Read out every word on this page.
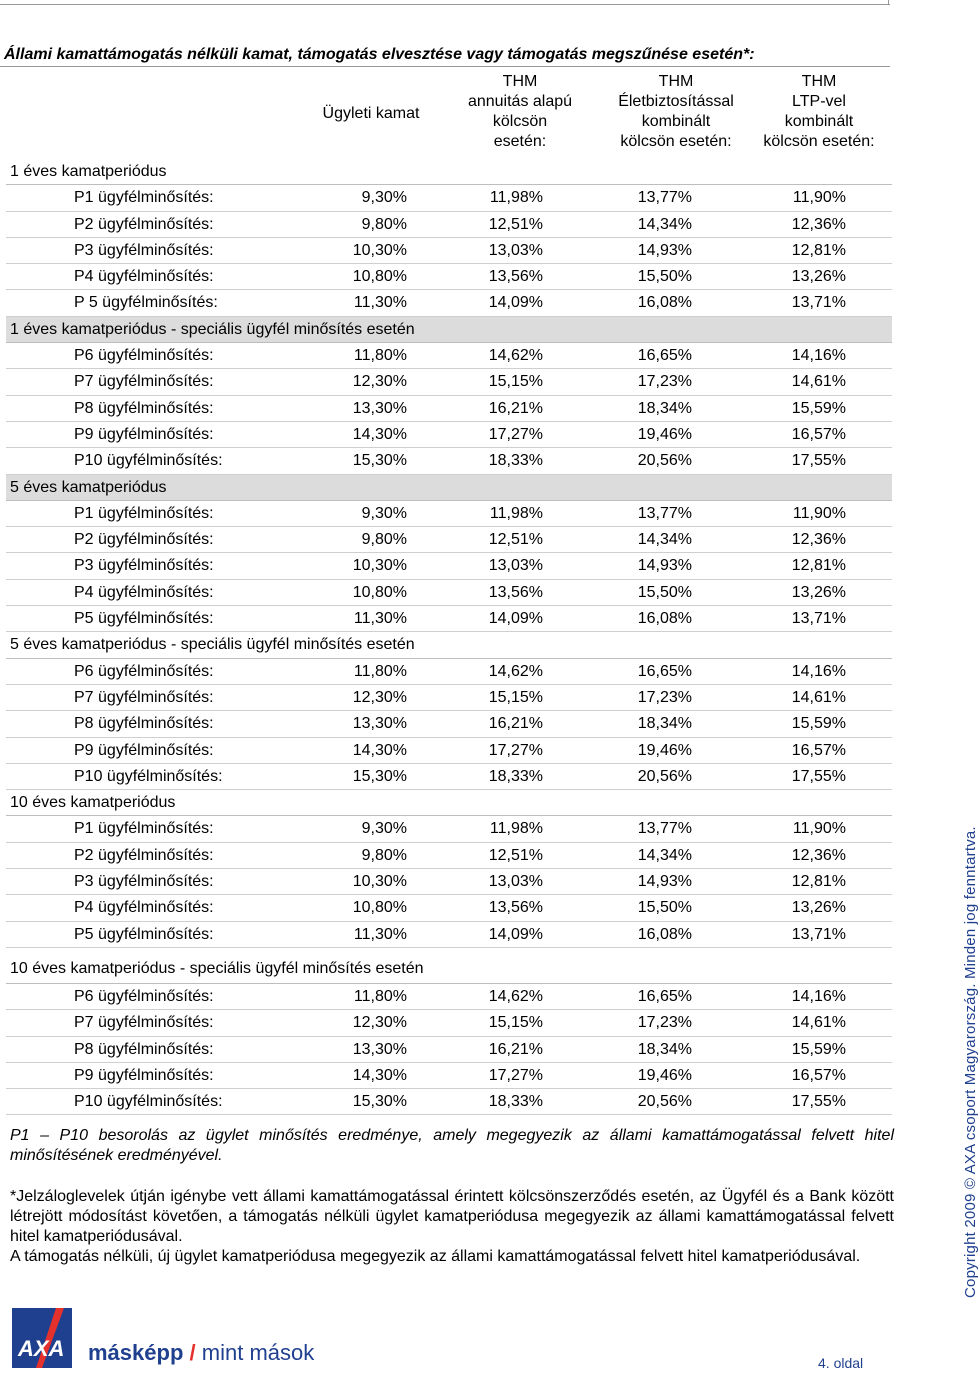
Állami kamattámogatás nélküli kamat, támogatás elvesztése vagy támogatás megszűnése esetén*:
Ügyleti kamat
THM
annuitás alapú
kölcsön
esetén:
THM
Életbiztosítással
kombinált
kölcsön esetén:
THM
LTP-vel
kombinált
kölcsön esetén:
1 éves kamatperiódus
P1 ügyfélminősítés:	9,30%	11,98%	13,77%	11,90%
P2 ügyfélminősítés:	9,80%	12,51%	14,34%	12,36%
P3 ügyfélminősítés:	10,30%	13,03%	14,93%	12,81%
P4 ügyfélminősítés:	10,80%	13,56%	15,50%	13,26%
P 5 ügyfélminősítés:	11,30%	14,09%	16,08%	13,71%
1 éves kamatperiódus - speciális ügyfél minősítés esetén
P6 ügyfélminősítés:	11,80%	14,62%	16,65%	14,16%
P7 ügyfélminősítés:	12,30%	15,15%	17,23%	14,61%
P8 ügyfélminősítés:	13,30%	16,21%	18,34%	15,59%
P9 ügyfélminősítés:	14,30%	17,27%	19,46%	16,57%
P10 ügyfélminősítés:	15,30%	18,33%	20,56%	17,55%
5 éves kamatperiódus
P1 ügyfélminősítés:	9,30%	11,98%	13,77%	11,90%
P2 ügyfélminősítés:	9,80%	12,51%	14,34%	12,36%
P3 ügyfélminősítés:	10,30%	13,03%	14,93%	12,81%
P4 ügyfélminősítés:	10,80%	13,56%	15,50%	13,26%
P5 ügyfélminősítés:	11,30%	14,09%	16,08%	13,71%
5 éves kamatperiódus - speciális ügyfél minősítés esetén
P6 ügyfélminősítés:	11,80%	14,62%	16,65%	14,16%
P7 ügyfélminősítés:	12,30%	15,15%	17,23%	14,61%
P8 ügyfélminősítés:	13,30%	16,21%	18,34%	15,59%
P9 ügyfélminősítés:	14,30%	17,27%	19,46%	16,57%
P10 ügyfélminősítés:	15,30%	18,33%	20,56%	17,55%
10 éves kamatperiódus
P1 ügyfélminősítés:	9,30%	11,98%	13,77%	11,90%
P2 ügyfélminősítés:	9,80%	12,51%	14,34%	12,36%
P3 ügyfélminősítés:	10,30%	13,03%	14,93%	12,81%
P4 ügyfélminősítés:	10,80%	13,56%	15,50%	13,26%
P5 ügyfélminősítés:	11,30%	14,09%	16,08%	13,71%
10 éves kamatperiódus - speciális ügyfél minősítés esetén
P6 ügyfélminősítés:	11,80%	14,62%	16,65%	14,16%
P7 ügyfélminősítés:	12,30%	15,15%	17,23%	14,61%
P8 ügyfélminősítés:	13,30%	16,21%	18,34%	15,59%
P9 ügyfélminősítés:	14,30%	17,27%	19,46%	16,57%
P10 ügyfélminősítés:	15,30%	18,33%	20,56%	17,55%
P1 – P10 besorolás az ügylet minősítés eredménye, amely megegyezik az állami kamattámogatással felvett hitel minősítésének eredményével.

*Jelzáloglevelek útján igénybe vett állami kamattámogatással érintett kölcsönszerződés esetén, az Ügyfél és a Bank között létrejött módosítást követően, a támogatás nélküli ügylet kamatperiódusa megegyezik az állami kamattámogatással felvett hitel kamatperiódusával.

A támogatás nélküli, új ügylet kamatperiódusa megegyezik az állami kamattámogatással felvett hitel kamatperiódusával.	Copyright 2009 © AXA csoport Magyarország. Minden jog fenntartva.
AXA másképp / mint mások	4. oldal
